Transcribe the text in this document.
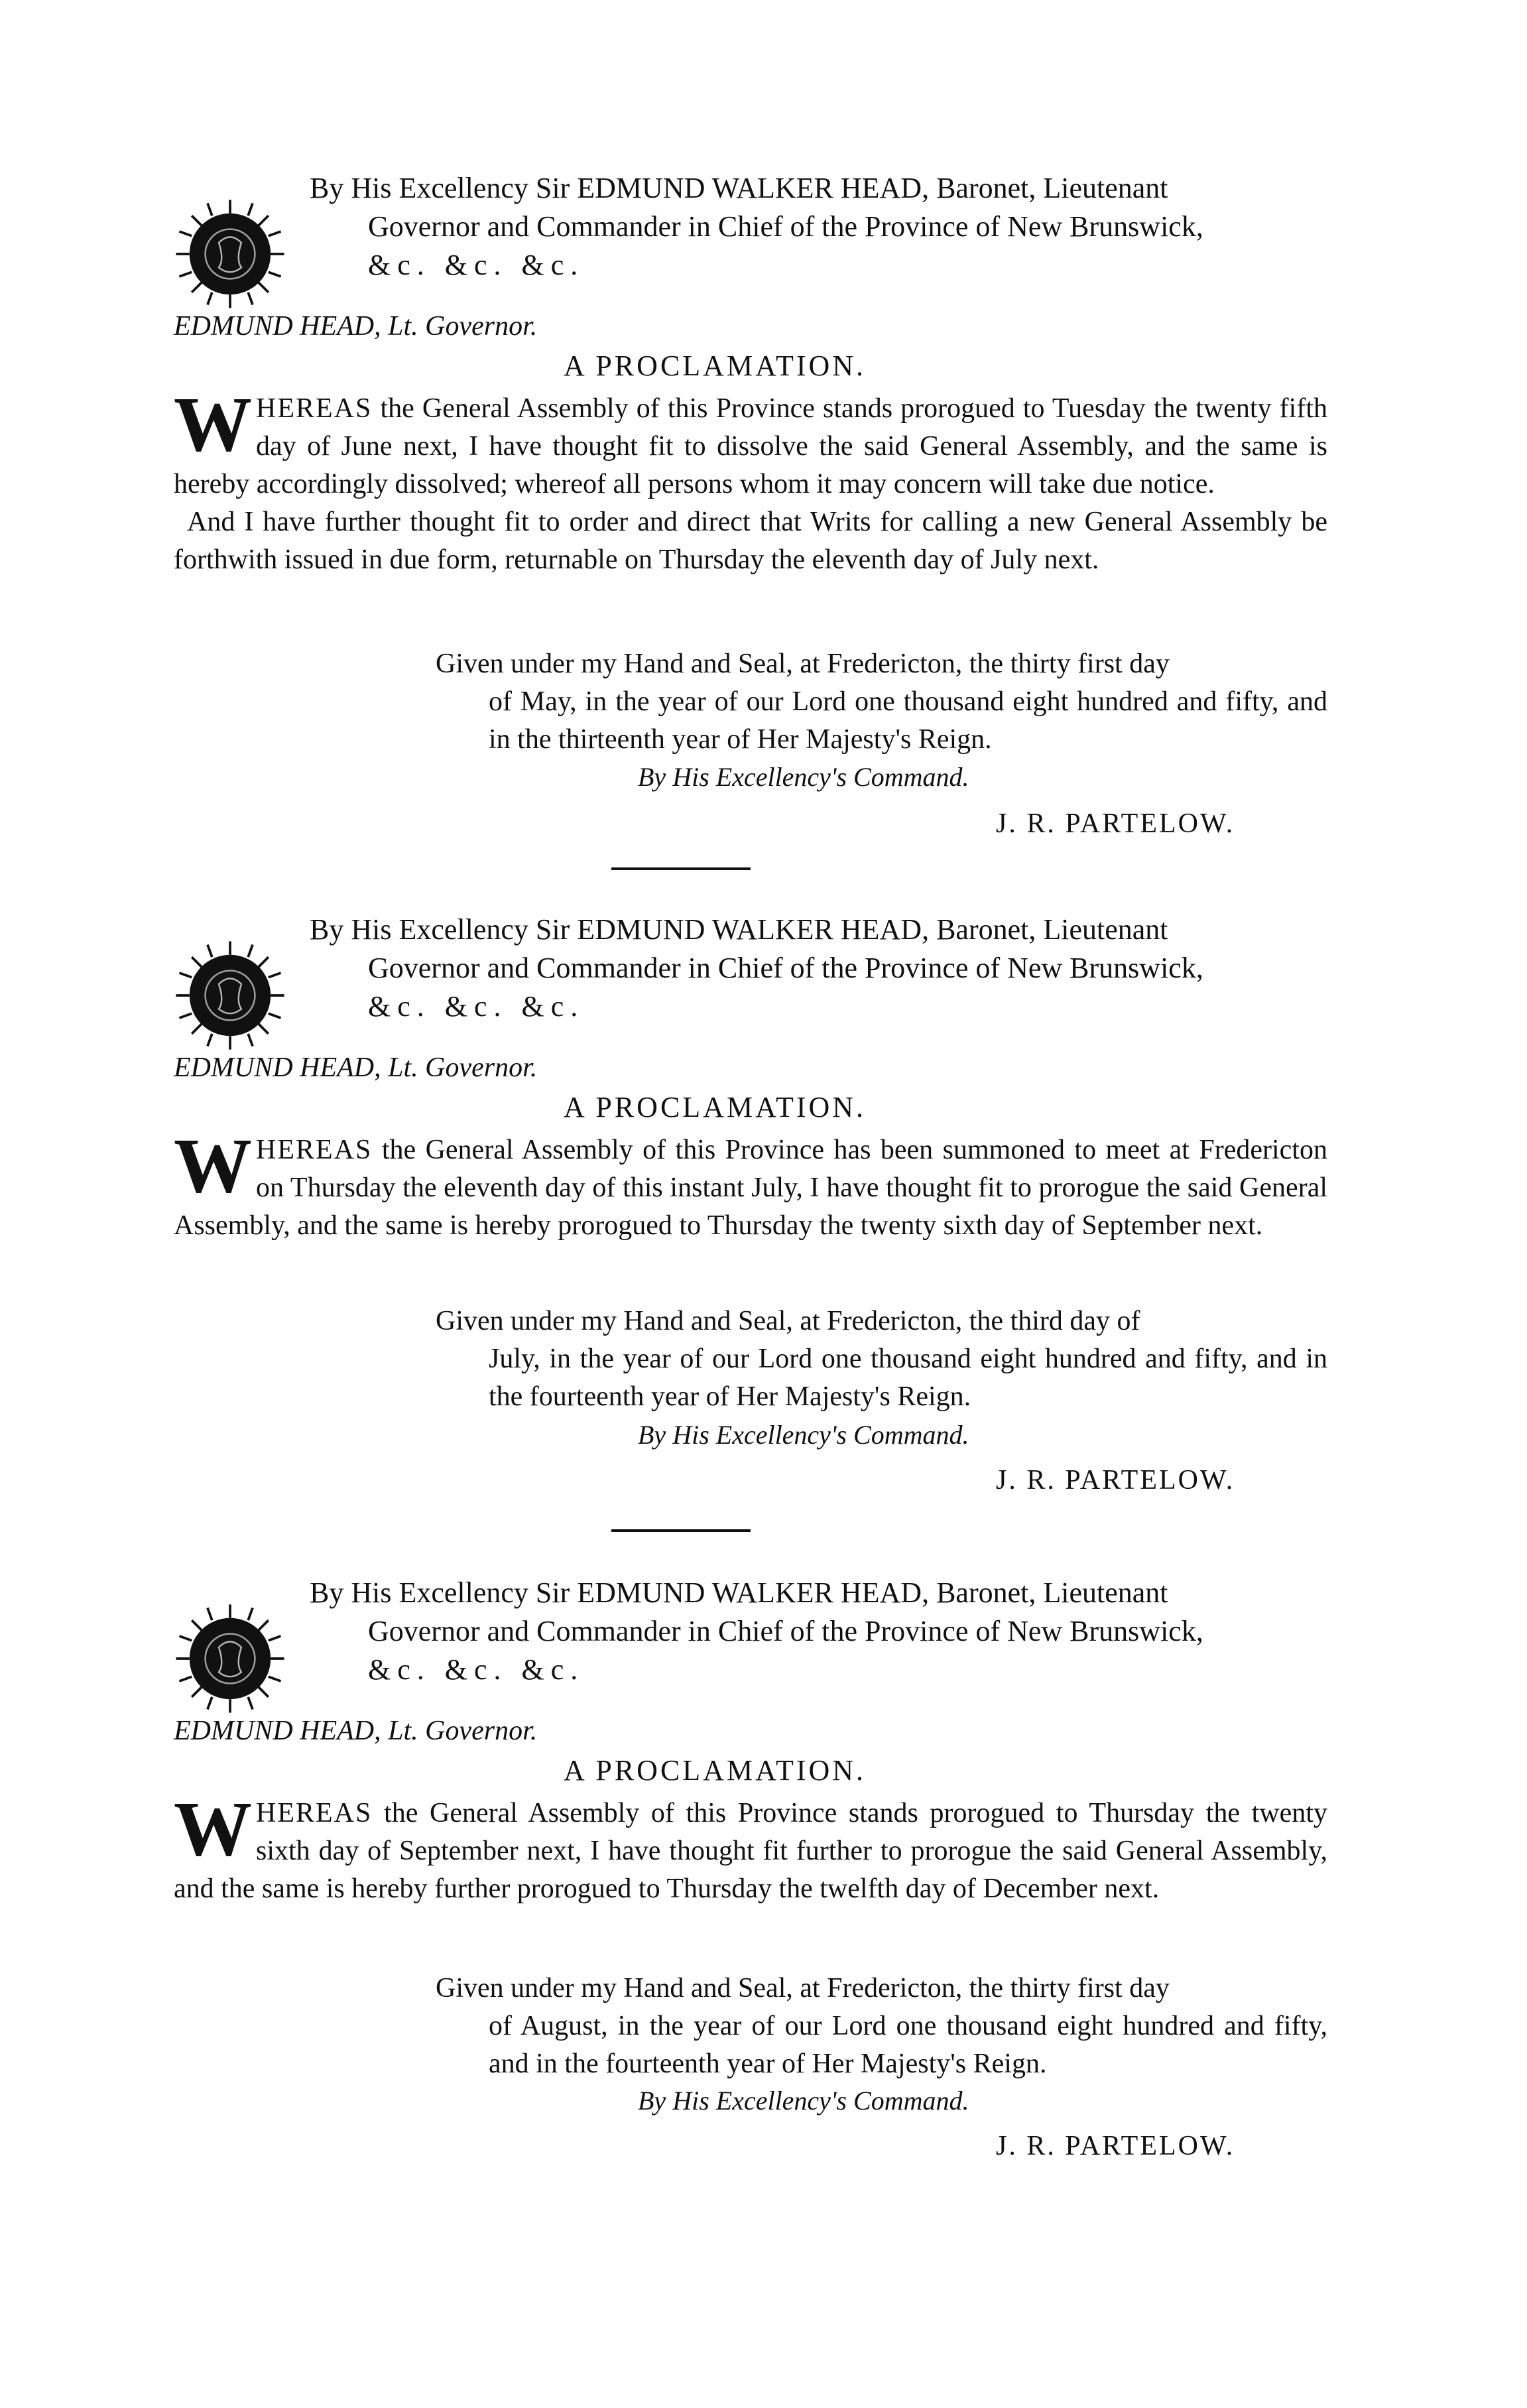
By His Excellency Sir EDMUND WALKER HEAD, Baronet, Lieutenant
Governor and Commander in Chief of the Province of New Brunswick,
&c. &c. &c.
EDMUND HEAD, Lt. Governor.
A PROCLAMATION.

WHEREAS the General Assembly of this Province stands prorogued to Tuesday the twenty fifth day of June next, I have thought fit to dissolve the said General Assembly, and the same is hereby accordingly dissolved; whereof all persons whom it may concern will take due notice.

And I have further thought fit to order and direct that Writs for calling a new General Assembly be forthwith issued in due form, returnable on Thursday the eleventh day of July next.

Given under my Hand and Seal, at Fredericton, the thirty first day
of May, in the year of our Lord one thousand eight hundred and fifty, and in the thirteenth year of Her Majesty's Reign.
By His Excellency's Command.
J. R. PARTELOW.
By His Excellency Sir EDMUND WALKER HEAD, Baronet, Lieutenant
Governor and Commander in Chief of the Province of New Brunswick,
&c. &c. &c.
EDMUND HEAD, Lt. Governor.
A PROCLAMATION.

WHEREAS the General Assembly of this Province has been summoned to meet at Fredericton on Thursday the eleventh day of this instant July, I have thought fit to prorogue the said General Assembly, and the same is hereby prorogued to Thursday the twenty sixth day of September next.

Given under my Hand and Seal, at Fredericton, the third day of
July, in the year of our Lord one thousand eight hundred and fifty, and in the fourteenth year of Her Majesty's Reign.
By His Excellency's Command.
J. R. PARTELOW.
By His Excellency Sir EDMUND WALKER HEAD, Baronet, Lieutenant
Governor and Commander in Chief of the Province of New Brunswick,
&c. &c. &c.
EDMUND HEAD, Lt. Governor.
A PROCLAMATION.

WHEREAS the General Assembly of this Province stands prorogued to Thursday the twenty sixth day of September next, I have thought fit further to prorogue the said General Assembly, and the same is hereby further prorogued to Thursday the twelfth day of December next.

Given under my Hand and Seal, at Fredericton, the thirty first day
of August, in the year of our Lord one thousand eight hundred and fifty, and in the fourteenth year of Her Majesty's Reign.
By His Excellency's Command.
J. R. PARTELOW.
